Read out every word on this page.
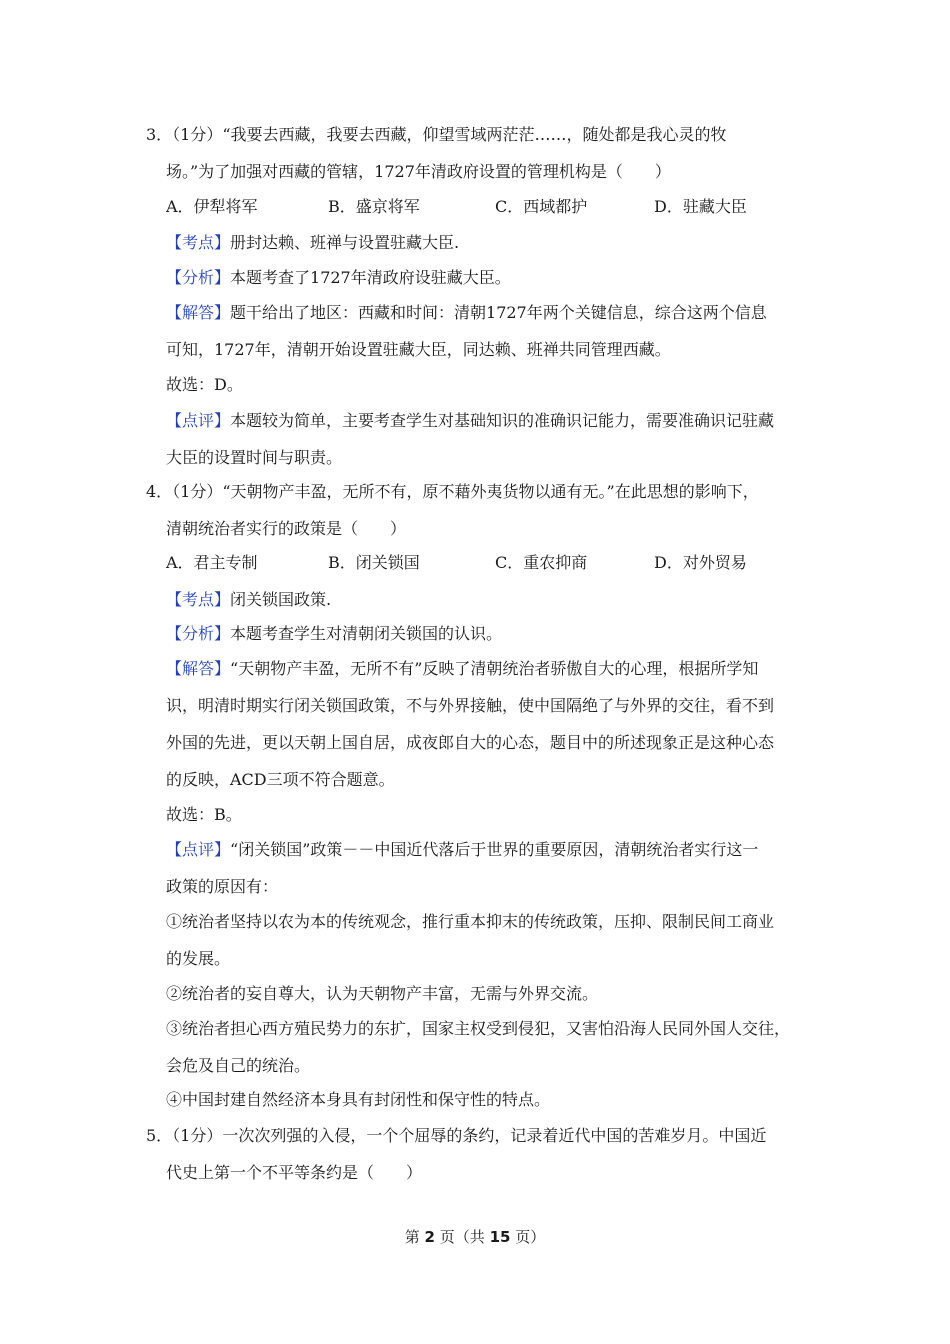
3．（1分）“我要去西藏，我要去西藏，仰望雪域两茫茫……，随处都是我心灵的牧
场。”为了加强对西藏的管辖，1727年清政府设置的管理机构是（　　）
A．伊犁将军	B．盛京将军	C．西域都护	D．驻藏大臣
【考点】册封达赖、班禅与设置驻藏大臣.
【分析】本题考查了1727年清政府设驻藏大臣。
【解答】题干给出了地区：西藏和时间：清朝1727年两个关键信息，综合这两个信息
可知，1727年，清朝开始设置驻藏大臣，同达赖、班禅共同管理西藏。
故选：D。
【点评】本题较为简单，主要考查学生对基础知识的准确识记能力，需要准确识记驻藏
大臣的设置时间与职责。
4．（1分）“天朝物产丰盈，无所不有，原不藉外夷货物以通有无。”在此思想的影响下，
清朝统治者实行的政策是（　　）
A．君主专制	B．闭关锁国	C．重农抑商	D．对外贸易
【考点】闭关锁国政策.
【分析】本题考查学生对清朝闭关锁国的认识。
【解答】“天朝物产丰盈，无所不有”反映了清朝统治者骄傲自大的心理，根据所学知
识，明清时期实行闭关锁国政策，不与外界接触，使中国隔绝了与外界的交往，看不到
外国的先进，更以天朝上国自居，成夜郎自大的心态，题目中的所述现象正是这种心态
的反映，ACD三项不符合题意。
故选：B。
【点评】“闭关锁国”政策－－中国近代落后于世界的重要原因，清朝统治者实行这一
政策的原因有：
①统治者坚持以农为本的传统观念，推行重本抑末的传统政策，压抑、限制民间工商业
的发展。
②统治者的妄自尊大，认为天朝物产丰富，无需与外界交流。
③统治者担心西方殖民势力的东扩，国家主权受到侵犯，又害怕沿海人民同外国人交往，
会危及自己的统治。
④中国封建自然经济本身具有封闭性和保守性的特点。
5．（1分）一次次列强的入侵，一个个屈辱的条约，记录着近代中国的苦难岁月。中国近
代史上第一个不平等条约是（　　）
第 2 页（共 15 页）
